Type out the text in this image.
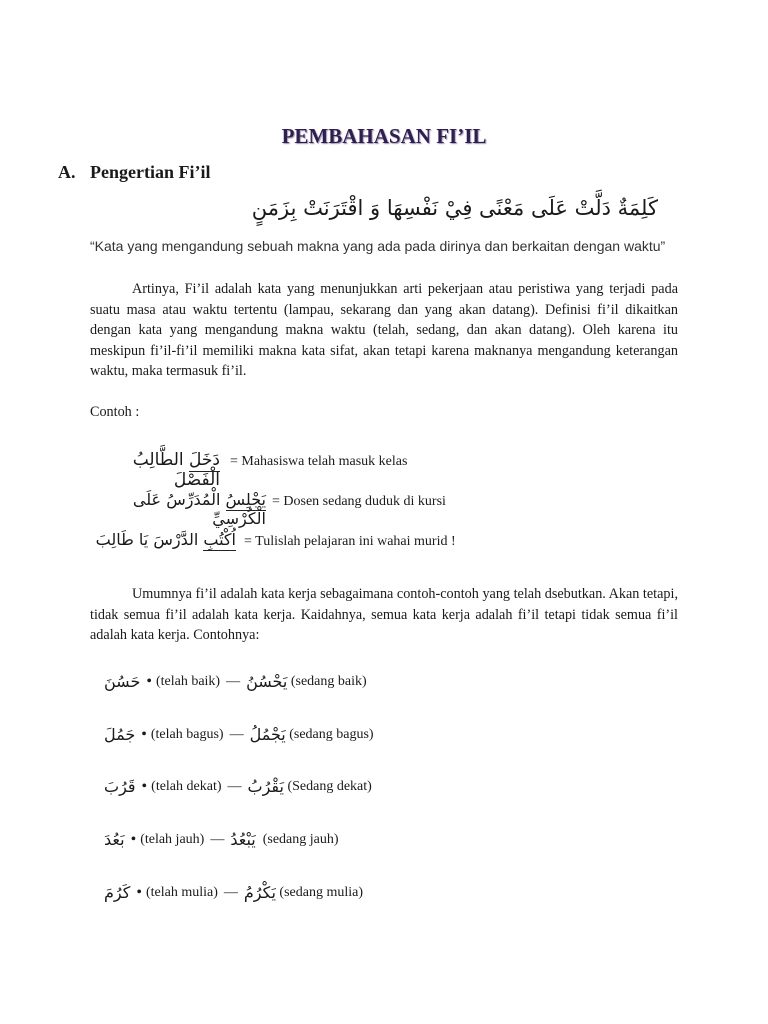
PEMBAHASAN FI’IL
A. Pengertian Fi’il
كَلِمَةٌ دَلَّتْ عَلَى مَعْنًى فِيْ نَفْسِهَا وَ اقْتَرَنَتْ بِزَمَنٍ
“Kata yang mengandung sebuah makna yang ada pada dirinya dan berkaitan dengan waktu”

Artinya, Fi’il adalah kata yang menunjukkan arti pekerjaan atau peristiwa yang terjadi pada suatu masa atau waktu tertentu (lampau, sekarang dan yang akan datang). Definisi fi’il dikaitkan dengan kata yang mengandung makna waktu (telah, sedang, dan akan datang). Oleh karena itu meskipun fi’il-fi’il memiliki makna kata sifat, akan tetapi karena maknanya mengandung keterangan waktu, maka termasuk fi’il.

Contoh :
دَخَلَ الطَّالِبُ الْفَصْلَ
= Mahasiswa telah masuk kelas
يَجْلِسُ الْمُدَرِّسُ عَلَى الْكُرْسِيِّ
= Dosen sedang duduk di kursi
اُكْتُبِ الدَّرْسَ يَا طَالِبَ	= Tulislah pelajaran ini wahai murid !

Umumnya fi’il adalah kata kerja sebagaimana contoh-contoh yang telah dsebutkan. Akan tetapi, tidak semua fi’il adalah kata kerja. Kaidahnya, semua kata kerja adalah fi’il tetapi tidak semua fi’il adalah kata kerja. Contohnya:

حَسُنَ • (telah baik) — يَحْسُنُ (sedang baik)
جَمُلَ • (telah bagus) — يَجْمُلُ (sedang bagus)
قَرُبَ • (telah dekat) — يَقْرُبُ (Sedang dekat)
بَعُدَ • (telah jauh) — يَبْعُدُ (sedang jauh)
كَرُمَ • (telah mulia) — يَكْرُمُ (sedang mulia)
